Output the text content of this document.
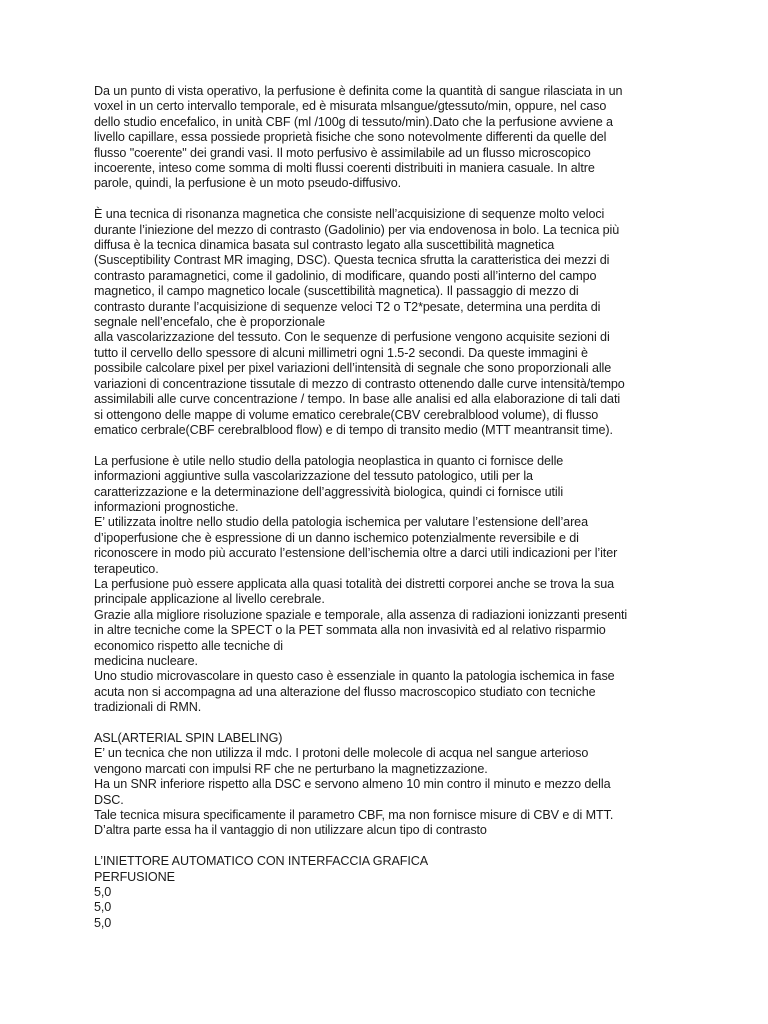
Da un punto di vista operativo, la perfusione è definita come la quantità di sangue rilasciata in un
voxel in un certo intervallo temporale, ed è misurata mlsangue/gtessuto/min, oppure, nel caso
dello studio encefalico, in unità CBF (ml /100g di tessuto/min).Dato che la perfusione avviene a
livello capillare, essa possiede proprietà fisiche che sono notevolmente differenti da quelle del
flusso "coerente" dei grandi vasi. Il moto perfusivo è assimilabile ad un flusso microscopico
incoerente, inteso come somma di molti flussi coerenti distribuiti in maniera casuale. In altre
parole, quindi, la perfusione è un moto pseudo-diffusivo.
È una tecnica di risonanza magnetica che consiste nell’acquisizione di sequenze molto veloci
durante l’iniezione del mezzo di contrasto (Gadolinio) per via endovenosa in bolo. La tecnica più
diffusa è la tecnica dinamica basata sul contrasto legato alla suscettibilità magnetica
(Susceptibility Contrast MR imaging, DSC). Questa tecnica sfrutta la caratteristica dei mezzi di
contrasto paramagnetici, come il gadolinio, di modificare, quando posti all’interno del campo
magnetico, il campo magnetico locale (suscettibilità magnetica). Il passaggio di mezzo di
contrasto durante l’acquisizione di sequenze veloci T2 o T2*pesate, determina una perdita di
segnale nell’encefalo, che è proporzionale
alla vascolarizzazione del tessuto. Con le sequenze di perfusione vengono acquisite sezioni di
tutto il cervello dello spessore di alcuni millimetri ogni 1.5-2 secondi. Da queste immagini è
possibile calcolare pixel per pixel variazioni dell’intensità di segnale che sono proporzionali alle
variazioni di concentrazione tissutale di mezzo di contrasto ottenendo dalle curve intensità/tempo
assimilabili alle curve concentrazione / tempo. In base alle analisi ed alla elaborazione di tali dati
si ottengono delle mappe di volume ematico cerebrale(CBV cerebralblood volume), di flusso
ematico cerbrale(CBF cerebralblood flow) e di tempo di transito medio (MTT meantransit time).
La perfusione è utile nello studio della patologia neoplastica in quanto ci fornisce delle
informazioni aggiuntive sulla vascolarizzazione del tessuto patologico, utili per la
caratterizzazione e la determinazione dell’aggressività biologica, quindi ci fornisce utili
informazioni prognostiche.
E’ utilizzata inoltre nello studio della patologia ischemica per valutare l’estensione dell’area
d’ipoperfusione che è espressione di un danno ischemico potenzialmente reversibile e di
riconoscere in modo più accurato l’estensione dell’ischemia oltre a darci utili indicazioni per l’iter
terapeutico.
La perfusione può essere applicata alla quasi totalità dei distretti corporei anche se trova la sua
principale applicazione al livello cerebrale.
Grazie alla migliore risoluzione spaziale e temporale, alla assenza di radiazioni ionizzanti presenti
in altre tecniche come la SPECT o la PET sommata alla non invasività ed al relativo risparmio
economico rispetto alle tecniche di
medicina nucleare.
Uno studio microvascolare in questo caso è essenziale in quanto la patologia ischemica in fase
acuta non si accompagna ad una alterazione del flusso macroscopico studiato con tecniche
tradizionali di RMN.
ASL(ARTERIAL SPIN LABELING)
E’ un tecnica che non utilizza il mdc. I protoni delle molecole di acqua nel sangue arterioso
vengono marcati con impulsi RF che ne perturbano la magnetizzazione.
Ha un SNR inferiore rispetto alla DSC e servono almeno 10 min contro il minuto e mezzo della
DSC.
Tale tecnica misura specificamente il parametro CBF, ma non fornisce misure di CBV e di MTT.
D’altra parte essa ha il vantaggio di non utilizzare alcun tipo di contrasto
L’INIETTORE AUTOMATICO CON INTERFACCIA GRAFICA
PERFUSIONE
5,0
5,0
5,0
